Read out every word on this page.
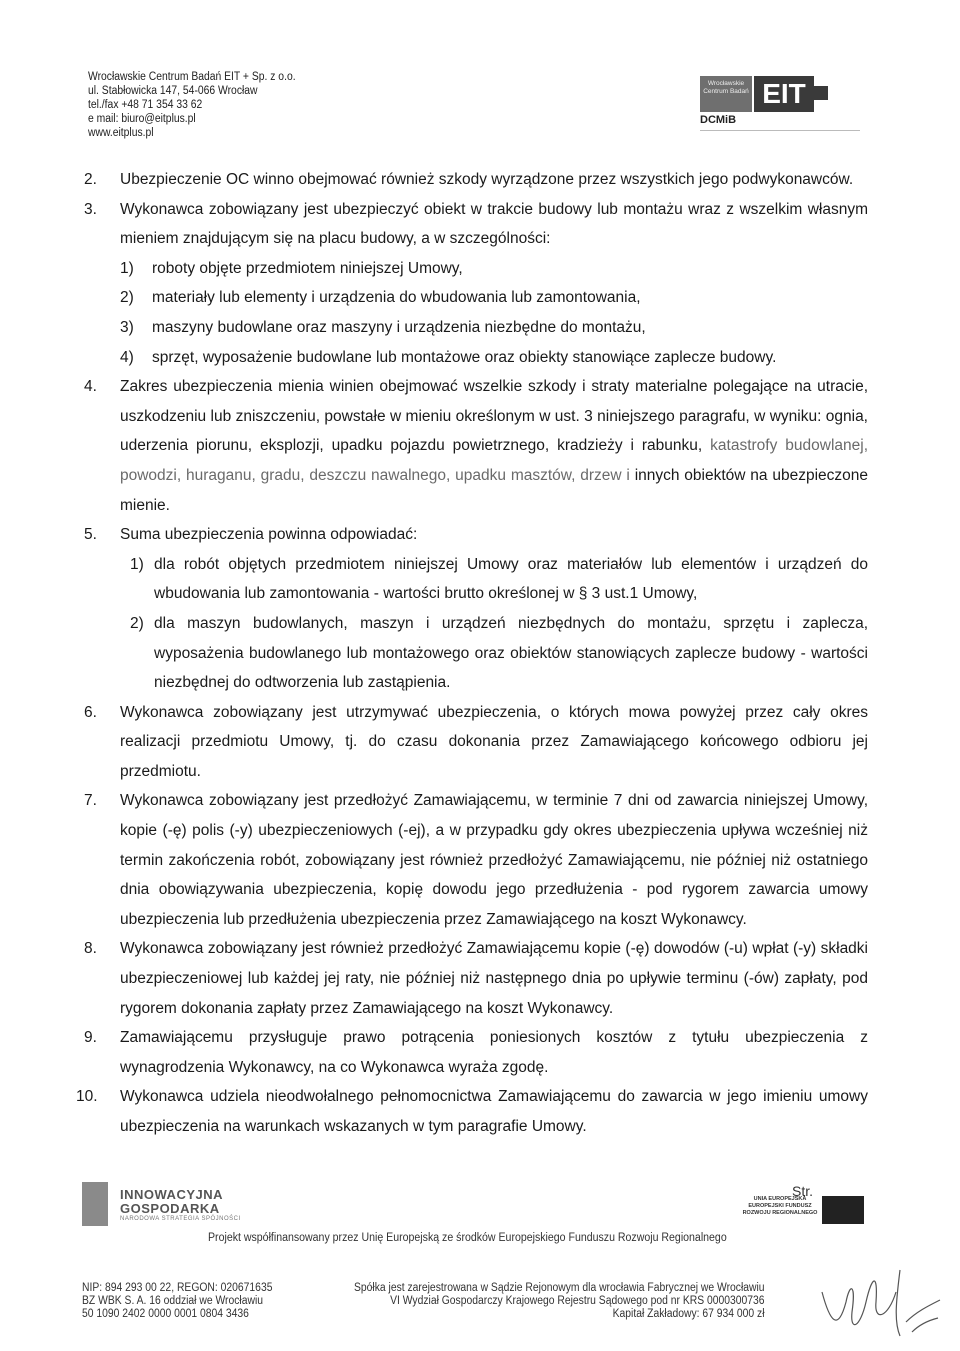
Wrocławskie Centrum Badań EIT + Sp. z o.o.
ul. Stabłowicka 147, 54-066 Wrocław
tel./fax +48 71 354 33 62
e mail: biuro@eitplus.pl
www.eitplus.pl
Wrocławskie Centrum Badań EIT
DCMiB
2. Ubezpieczenie OC winno obejmować również szkody wyrządzone przez wszystkich jego podwykonawców.
3. Wykonawca zobowiązany jest ubezpieczyć obiekt w trakcie budowy lub montażu wraz z wszelkim własnym mieniem znajdującym się na placu budowy, a w szczególności:
1) roboty objęte przedmiotem niniejszej Umowy,
2) materiały lub elementy i urządzenia do wbudowania lub zamontowania,
3) maszyny budowlane oraz maszyny i urządzenia niezbędne do montażu,
4) sprzęt, wyposażenie budowlane lub montażowe oraz obiekty stanowiące zaplecze budowy.
4. Zakres ubezpieczenia mienia winien obejmować wszelkie szkody i straty materialne polegające na utracie, uszkodzeniu lub zniszczeniu, powstałe w mieniu określonym w ust. 3 niniejszego paragrafu, w wyniku: ognia, uderzenia piorunu, eksplozji, upadku pojazdu powietrznego, kradzieży i rabunku, katastrofy budowlanej, powodzi, huraganu, gradu, deszczu nawalnego, upadku masztów, drzew i innych obiektów na ubezpieczone mienie.
5. Suma ubezpieczenia powinna odpowiadać:
1) dla robót objętych przedmiotem niniejszej Umowy oraz materiałów lub elementów i urządzeń do wbudowania lub zamontowania - wartości brutto określonej w § 3 ust.1 Umowy,
2) dla maszyn budowlanych, maszyn i urządzeń niezbędnych do montażu, sprzętu i zaplecza, wyposażenia budowlanego lub montażowego oraz obiektów stanowiących zaplecze budowy - wartości niezbędnej do odtworzenia lub zastąpienia.
6. Wykonawca zobowiązany jest utrzymywać ubezpieczenia, o których mowa powyżej przez cały okres realizacji przedmiotu Umowy, tj. do czasu dokonania przez Zamawiającego końcowego odbioru jej przedmiotu.
7. Wykonawca zobowiązany jest przedłożyć Zamawiającemu, w terminie 7 dni od zawarcia niniejszej Umowy, kopie (-ę) polis (-y) ubezpieczeniowych (-ej), a w przypadku gdy okres ubezpieczenia upływa wcześniej niż termin zakończenia robót, zobowiązany jest również przedłożyć Zamawiającemu, nie później niż ostatniego dnia obowiązywania ubezpieczenia, kopię dowodu jego przedłużenia - pod rygorem zawarcia umowy ubezpieczenia lub przedłużenia ubezpieczenia przez Zamawiającego na koszt Wykonawcy.
8. Wykonawca zobowiązany jest również przedłożyć Zamawiającemu kopie (-ę) dowodów (-u) wpłat (-y) składki ubezpieczeniowej lub każdej jej raty, nie później niż następnego dnia po upływie terminu (-ów) zapłaty, pod rygorem dokonania zapłaty przez Zamawiającego na koszt Wykonawcy.
9. Zamawiającemu przysługuje prawo potrącenia poniesionych kosztów z tytułu ubezpieczenia z wynagrodzenia Wykonawcy, na co Wykonawca wyraża zgodę.
10. Wykonawca udziela nieodwołalnego pełnomocnictwa Zamawiającemu do zawarcia w jego imieniu umowy ubezpieczenia na warunkach wskazanych w tym paragrafie Umowy.
INNOWACYJNA GOSPODARKA
NARODOWA STRATEGIA SPÓJNOŚCI
UNIA EUROPEJSKA EUROPEJSKI FUNDUSZ ROZWOJU REGIONALNEGO
Str.
Projekt współfinansowany przez Unię Europejską ze środków Europejskiego Funduszu Rozwoju Regionalnego
NIP: 894 293 00 22, REGON: 020671635
BZ WBK S. A. 16 oddział we Wrocławiu
50 1090 2402 0000 0001 0804 3436
Spółka jest zarejestrowana w Sądzie Rejonowym dla wrocławia Fabrycznej we Wrocławiu
VI Wydział Gospodarczy Krajowego Rejestru Sądowego pod nr KRS 0000300736
Kapitał Zakładowy: 67 934 000 zł
